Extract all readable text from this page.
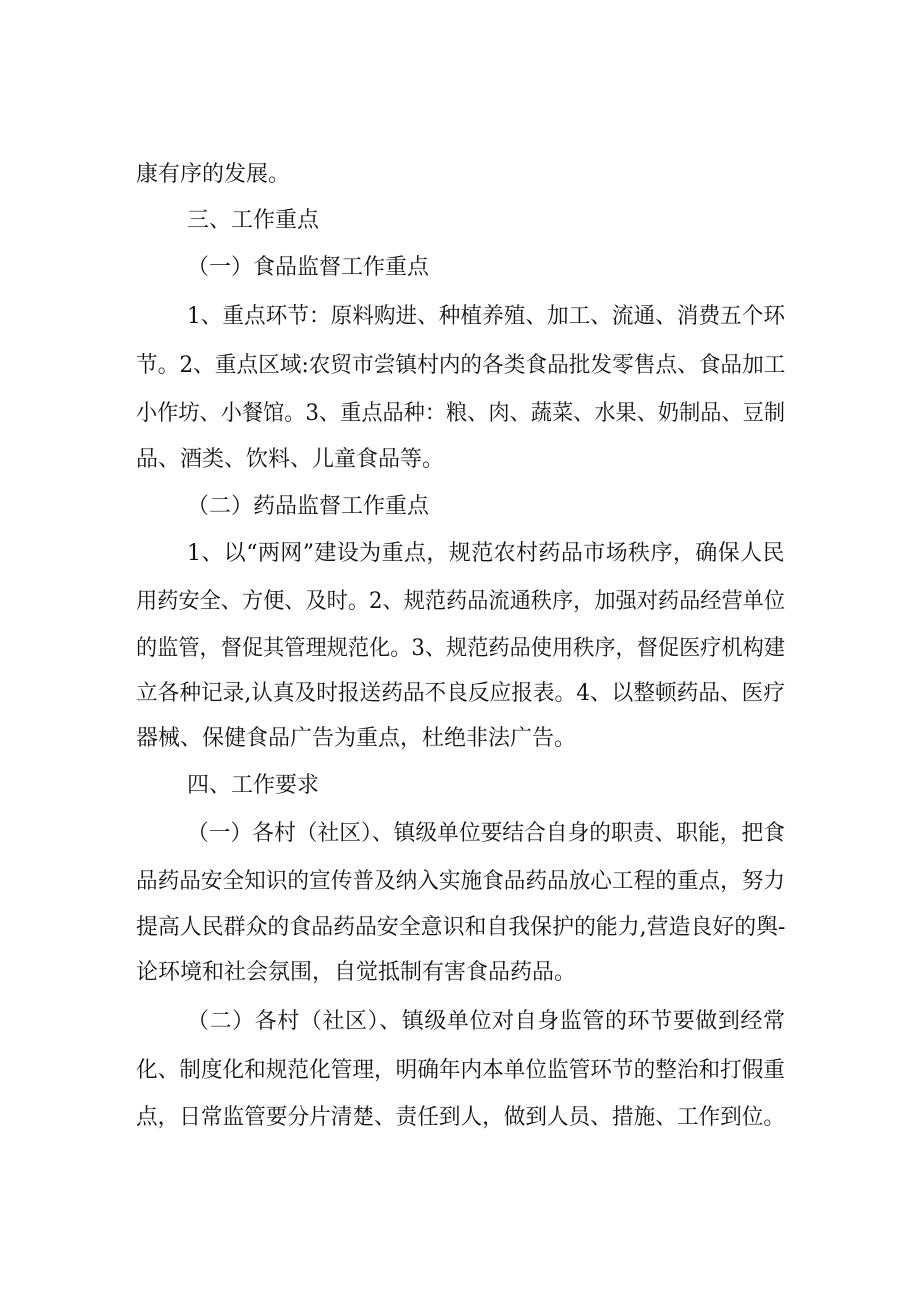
康有序的发展。
三、工作重点
（一）食品监督工作重点
1、重点环节：原料购进、种植养殖、加工、流通、消费五个环
节。2、重点区域:农贸市尝镇村内的各类食品批发零售点、食品加工
小作坊、小餐馆。3、重点品种：粮、肉、蔬菜、水果、奶制品、豆制
品、酒类、饮料、儿童食品等。
（二）药品监督工作重点
1、以“两网”建设为重点，规范农村药品市场秩序，确保人民
用药安全、方便、及时。2、规范药品流通秩序，加强对药品经营单位
的监管，督促其管理规范化。3、规范药品使用秩序，督促医疗机构建
立各种记录,认真及时报送药品不良反应报表。4、以整顿药品、医疗
器械、保健食品广告为重点，杜绝非法广告。
四、工作要求
（一）各村（社区）、镇级单位要结合自身的职责、职能，把食
品药品安全知识的宣传普及纳入实施食品药品放心工程的重点，努力
提高人民群众的食品药品安全意识和自我保护的能力,营造良好的舆-
论环境和社会氛围，自觉抵制有害食品药品。
（二）各村（社区）、镇级单位对自身监管的环节要做到经常
化、制度化和规范化管理，明确年内本单位监管环节的整治和打假重
点，日常监管要分片清楚、责任到人，做到人员、措施、工作到位。
